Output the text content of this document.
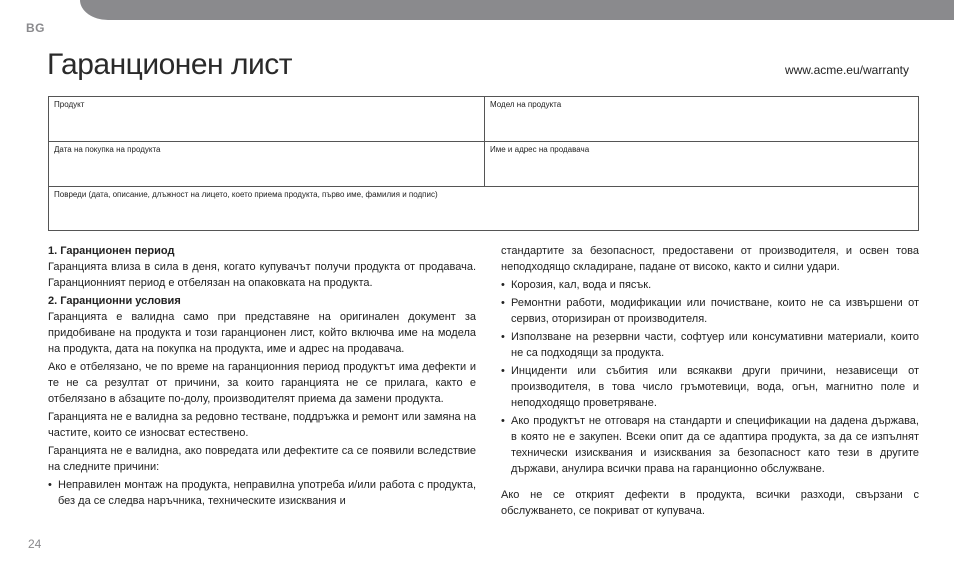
BG
Гаранционен лист	www.acme.eu/warranty
Продукт	Модел на продукта
Дата на покупка на продукта	Име и адрес на продавача
Повреди (дата, описание, длъжност на лицето, което приема продукта, първо име, фамилия и подпис)
1. Гаранционен период

Гаранцията влиза в сила в деня, когато купувачът получи продукта от продавача. Гаранционният период е отбелязан на опаковката на продукта.

2. Гаранционни условия

Гаранцията е валидна само при представяне на оригинален документ за придобиване на продукта и този гаранционен лист, който включва име на модела на продукта, дата на покупка на продукта, име и адрес на продавача.

Ако е отбелязано, че по време на гаранционния период продуктът има дефекти и те не са резултат от причини, за които гаранцията не се прилага, както е отбелязано в абзаците по-долу, производителят приема да замени продукта.

Гаранцията не е валидна за редовно тестване, поддръжка и ремонт или замяна на частите, които се износват естествено.

Гаранцията не е валидна, ако повредата или дефектите са се появили вследствие на следните причини:

• Неправилен монтаж на продукта, неправилна употреба и/или работа с продукта, без да се следва наръчника, техническите изисквания и
стандартите за безопасност, предоставени от производителя, и освен това неподходящо складиране, падане от високо, както и силни удари.
• Корозия, кал, вода и пясък.
• Ремонтни работи, модификации или почистване, които не са извършени от сервиз, оторизиран от производителя.
• Използване на резервни части, софтуер или консумативни материали, които не са подходящи за продукта.
• Инциденти или събития или всякакви други причини, независещи от производителя, в това число гръмотевици, вода, огън, магнитно поле и неподходящо проветряване.
• Ако продуктът не отговаря на стандарти и спецификации на дадена държава, в която не е закупен. Всеки опит да се адаптира продукта, за да се изпълнят технически изисквания и изисквания за безопасност като тези в другите държави, анулира всички права на гаранционно обслужване.

Ако не се открият дефекти в продукта, всички разходи, свързани с обслужването, се покриват от купувача.

24
